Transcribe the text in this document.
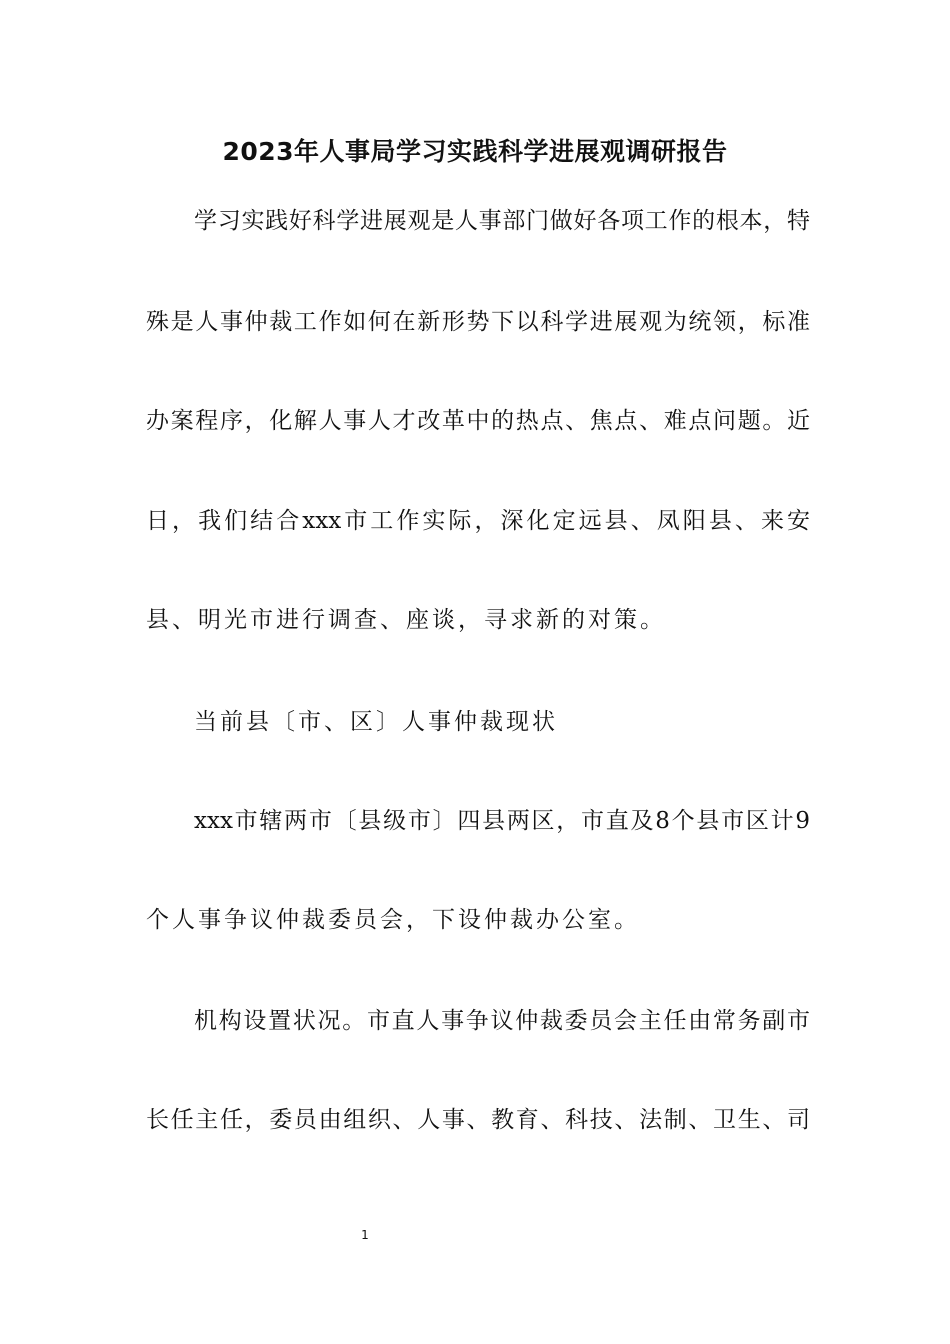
2023年人事局学习实践科学进展观调研报告
学习实践好科学进展观是人事部门做好各项工作的根本，特
殊是人事仲裁工作如何在新形势下以科学进展观为统领，标准
办案程序，化解人事人才改革中的热点、焦点、难点问题。近
日，我们结合xxx市工作实际，深化定远县、凤阳县、来安
县、明光市进行调查、座谈，寻求新的对策。
当前县〔市、区〕人事仲裁现状
xxx市辖两市〔县级市〕四县两区，市直及8个县市区计9
个人事争议仲裁委员会，下设仲裁办公室。
机构设置状况。市直人事争议仲裁委员会主任由常务副市
长任主任，委员由组织、人事、教育、科技、法制、卫生、司
1
